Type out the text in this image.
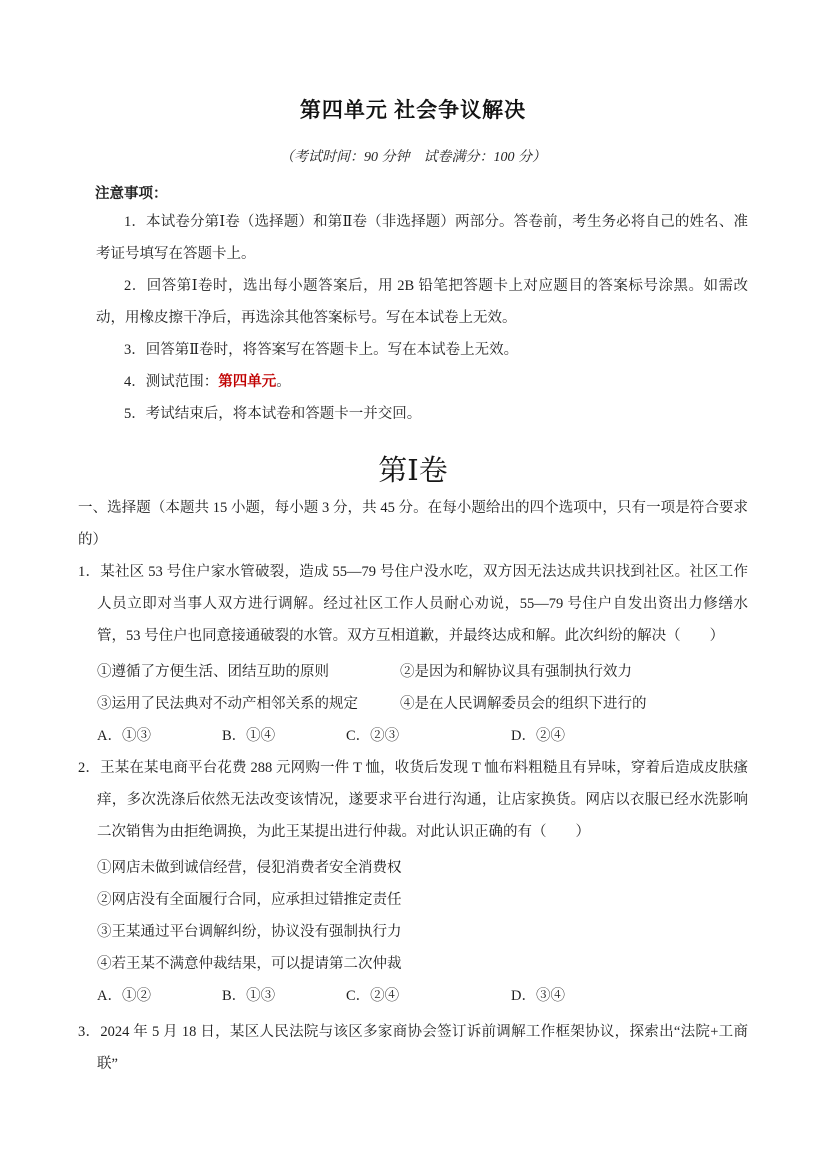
第四单元 社会争议解决

（考试时间：90 分钟　试卷满分：100 分）

注意事项：

1．本试卷分第Ⅰ卷（选择题）和第Ⅱ卷（非选择题）两部分。答卷前，考生务必将自己的姓名、准考证号填写在答题卡上。

2．回答第Ⅰ卷时，选出每小题答案后，用 2B 铅笔把答题卡上对应题目的答案标号涂黑。如需改动，用橡皮擦干净后，再选涂其他答案标号。写在本试卷上无效。

3．回答第Ⅱ卷时，将答案写在答题卡上。写在本试卷上无效。

4．测试范围：第四单元。

5．考试结束后，将本试卷和答题卡一并交回。

第Ⅰ卷

一、选择题（本题共 15 小题，每小题 3 分，共 45 分。在每小题给出的四个选项中，只有一项是符合要求的）

1．某社区 53 号住户家水管破裂，造成 55—79 号住户没水吃，双方因无法达成共识找到社区。社区工作人员立即对当事人双方进行调解。经过社区工作人员耐心劝说，55—79 号住户自发出资出力修缮水管，53 号住户也同意接通破裂的水管。双方互相道歉，并最终达成和解。此次纠纷的解决（　　）

①遵循了方便生活、团结互助的原则	②是因为和解协议具有强制执行效力
③运用了民法典对不动产相邻关系的规定	④是在人民调解委员会的组织下进行的
A．①③	B．①④	C．②③	D．②④

2．王某在某电商平台花费 288 元网购一件 T 恤，收货后发现 T 恤布料粗糙且有异味，穿着后造成皮肤瘙痒，多次洗涤后依然无法改变该情况，遂要求平台进行沟通，让店家换货。网店以衣服已经水洗影响二次销售为由拒绝调换，为此王某提出进行仲裁。对此认识正确的有（　　）

①网店未做到诚信经营，侵犯消费者安全消费权

②网店没有全面履行合同，应承担过错推定责任

③王某通过平台调解纠纷，协议没有强制执行力

④若王某不满意仲裁结果，可以提请第二次仲裁

A．①②	B．①③	C．②④	D．③④

3．2024 年 5 月 18 日，某区人民法院与该区多家商协会签订诉前调解工作框架协议，探索出“法院+工商联”
